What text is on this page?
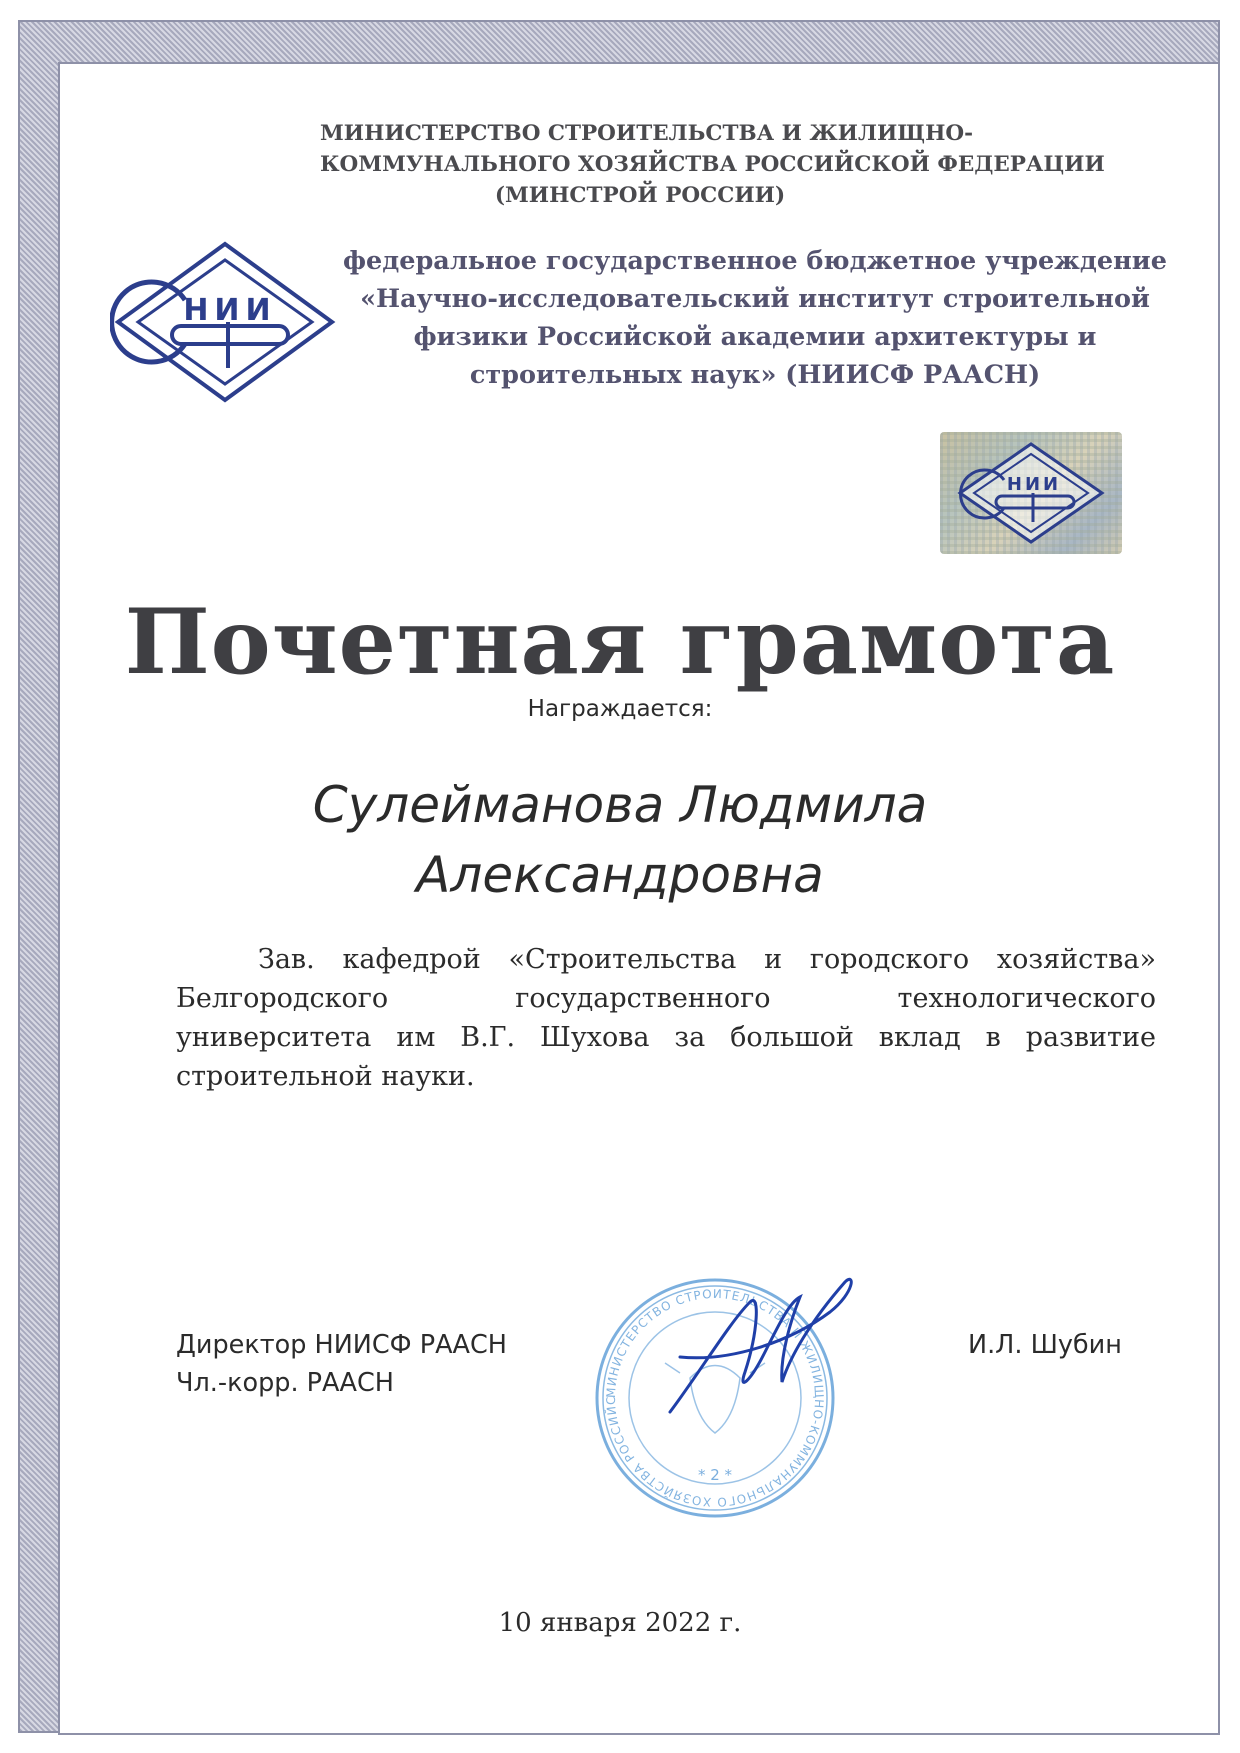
МИНИСТЕРСТВО СТРОИТЕЛЬСТВА И ЖИЛИЩНО-
КОММУНАЛЬНОГО ХОЗЯЙСТВА РОССИЙСКОЙ ФЕДЕРАЦИИ
(МИНСТРОЙ РОССИИ)
НИИ
федеральное государственное бюджетное учреждение
«Научно-исследовательский институт строительной
физики Российской академии архитектуры и
строительных наук» (НИИСФ РААСН)
НИИ
Почетная грамота
Награждается:
Сулейманова Людмила
Александровна
Зав. кафедрой «Строительства и городского хозяйства»
Белгородского	государственного	технологического
университета им В.Г. Шухова за большой вклад в развитие
строительной науки.
МИНИСТЕРСТВО СТРОИТЕЛЬСТВА И ЖИЛИЩНО-КОММУНАЛЬНОГО ХОЗЯЙСТВА РОССИЙС
* 2 *
Директор НИИСФ РААСН
Чл.-корр. РААСН
И.Л. Шубин
10 января 2022 г.
